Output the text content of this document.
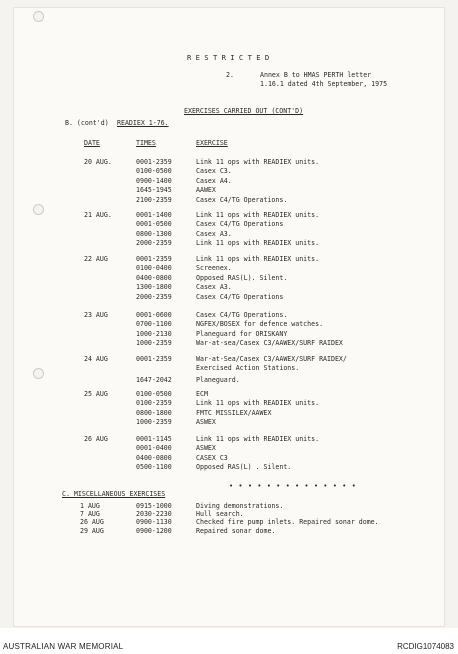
R E S T R I C T E D
2.	Annex B to HMAS PERTH letter
1.16.1 dated 4th September, 1975
EXERCISES CARRIED OUT (CONT'D)
B. (cont'd) READIEX 1-76.
DATE	TIMES	EXERCISE
20 AUG.	0001-2359	Link 11 ops with READIEX units.
0100-0500	Casex C3.
0900-1400	Casex A4.
1645-1945	AAWEX
2100-2359	Casex C4/TG Operations.
21 AUG.	0001-1400	Link 11 ops with READIEX units.
0001-0500	Casex C4/TG Operations
0800-1300	Casex A3.
2000-2359	Link 11 ops with READIEX units.
22 AUG	0001-2359	Link 11 ops with READIEX units.
0100-0400	Screenex.
0400-0800	Opposed RAS(L). Silent.
1300-1800	Casex A3.
2000-2359	Casex C4/TG Operations
23 AUG	0001-0600	Casex C4/TG Operations.
0700-1100	NGFEX/BOSEX for defence watches.
1000-2130	Planeguard for ORISKANY
1000-2359	War-at-sea/Casex C3/AAWEX/SURF RAIDEX
24 AUG	0001-2359	War-at-Sea/Casex C3/AAWEX/SURF RAIDEX/
Exercised Action Stations.
1647-2042	Planeguard.
25 AUG	0100-0500	ECM
0100-2359	Link 11 ops with READIEX units.
0800-1800	FMTC MISSILEX/AAWEX
1000-2359	ASWEX
26 AUG	0001-1145	Link 11 ops with READIEX units.
0001-0400	ASWEX
0400-0800	CASEX C3
0500-1100	Opposed RAS(L) . Silent.
• • • • • • • • • • • • • •
C. MISCELLANEOUS EXERCISES
1 AUG	0915-1000	Diving demonstrations.
7 AUG	2030-2230	Hull search.
26 AUG	0900-1130	Checked fire pump inlets. Repaired sonar dome.
29 AUG	0900-1200	Repaired sonar dome.
AUSTRALIAN WAR MEMORIAL	RCDIG1074083
